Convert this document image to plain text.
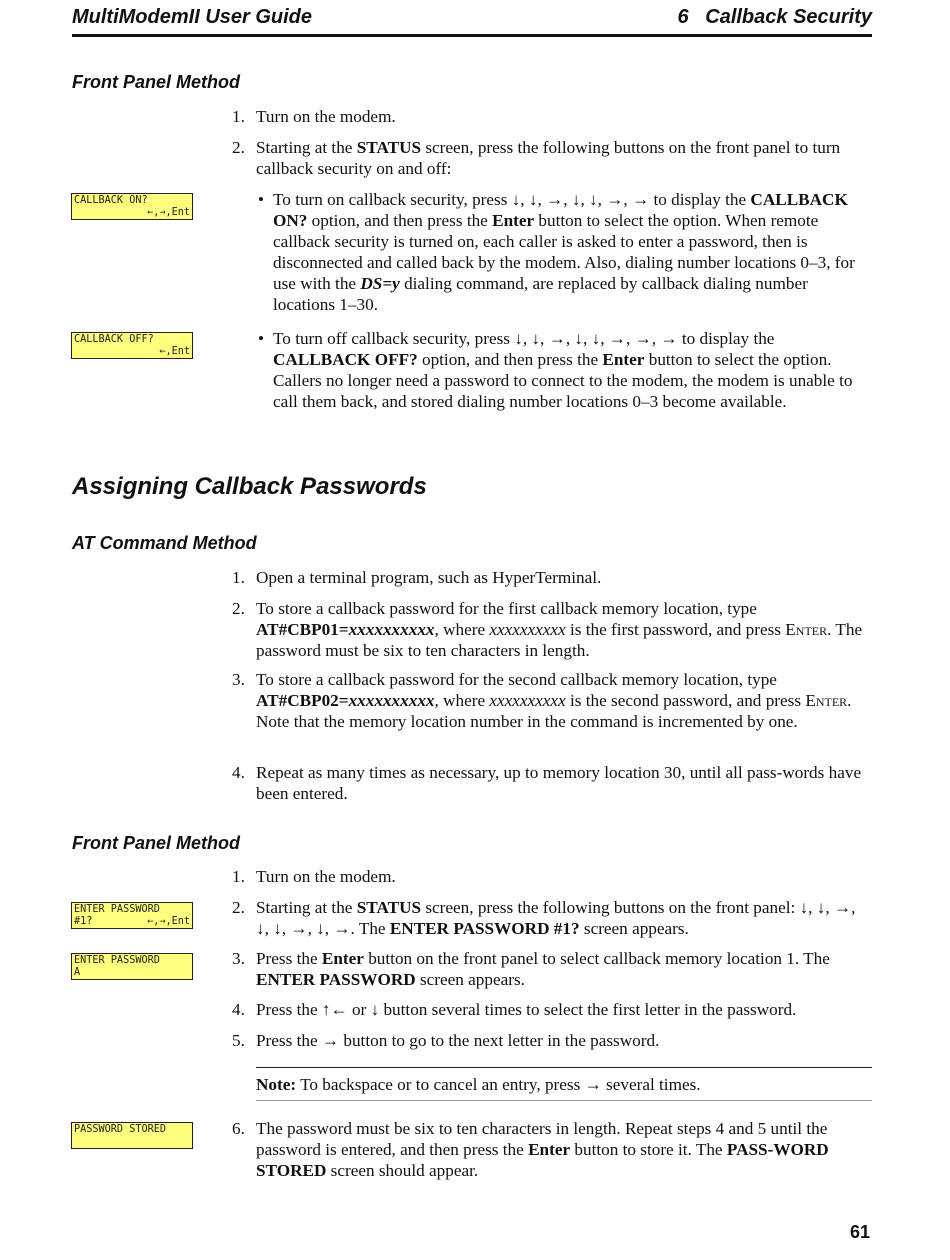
MultiModemII User Guide	6   Callback Security
Front Panel Method
1. Turn on the modem.
2. Starting at the STATUS screen, press the following buttons on the front panel to turn callback security on and off:
CALLBACK ON?
←,→,Ent
• To turn on callback security, press ↓, ↓, →, ↓, ↓, →, → to display the CALLBACK ON? option, and then press the Enter button to select the option. When remote callback security is turned on, each caller is asked to enter a password, then is disconnected and called back by the modem. Also, dialing number locations 0–3, for use with the DS=y dialing command, are replaced by callback dialing number locations 1–30.
CALLBACK OFF?
←,Ent
• To turn off callback security, press ↓, ↓, →, ↓, ↓, →, →, → to display the CALLBACK OFF? option, and then press the Enter button to select the option. Callers no longer need a password to connect to the modem, the modem is unable to call them back, and stored dialing number locations 0–3 become available.
Assigning Callback Passwords
AT Command Method
1. Open a terminal program, such as HyperTerminal.
2. To store a callback password for the first callback memory location, type AT#CBP01=xxxxxxxxxx, where xxxxxxxxxx is the first password, and press Enter. The password must be six to ten characters in length.
3. To store a callback password for the second callback memory location, type AT#CBP02=xxxxxxxxxx, where xxxxxxxxxx is the second password, and press Enter. Note that the memory location number in the command is incremented by one.
4. Repeat as many times as necessary, up to memory location 30, until all pass-words have been entered.
Front Panel Method
1. Turn on the modem.
ENTER PASSWORD
#1?	←,→,Ent
2. Starting at the STATUS screen, press the following buttons on the front panel: ↓, ↓, →, ↓, ↓, →, ↓, →. The ENTER PASSWORD #1? screen appears.
ENTER PASSWORD
A
3. Press the Enter button on the front panel to select callback memory location 1. The ENTER PASSWORD screen appears.
4. Press the ↑← or ↓ button several times to select the first letter in the password.
5. Press the → button to go to the next letter in the password.
Note: To backspace or to cancel an entry, press → several times.
PASSWORD STORED	6. The password must be six to ten characters in length. Repeat steps 4 and 5 until the password is entered, and then press the Enter button to store it. The PASS-WORD STORED screen should appear.
61
